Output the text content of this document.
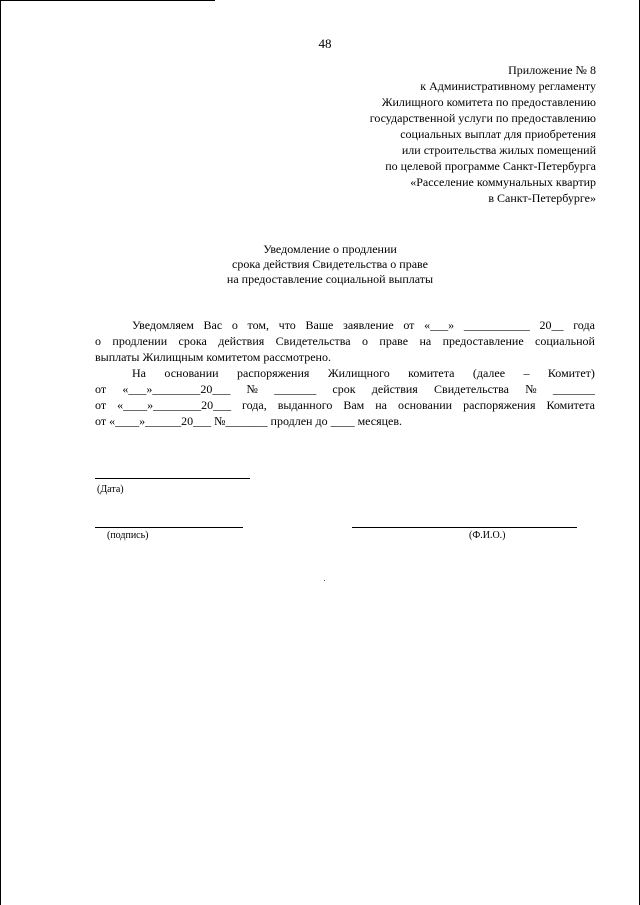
48
Приложение № 8
к Административному регламенту
Жилищного комитета по предоставлению
государственной услуги по предоставлению
социальных выплат для приобретения
или строительства жилых помещений
по целевой программе Санкт-Петербурга
«Расселение коммунальных квартир
в Санкт-Петербурге»
Уведомление о продлении
срока действия Свидетельства о праве
на предоставление социальной выплаты
Уведомляем Вас о том, что Ваше заявление от «___» ___________ 20__ года
о продлении срока действия Свидетельства о праве на предоставление социальной
выплаты Жилищным комитетом рассмотрено.
На основании распоряжения Жилищного комитета (далее – Комитет)
от «___»________20___ № _______ срок действия Свидетельства № _______
от «____»________20___ года, выданного Вам на основании распоряжения Комитета
от «____»______20___ №_______ продлен до ____ месяцев.
(Дата)
(подпись)	(Ф.И.О.)
